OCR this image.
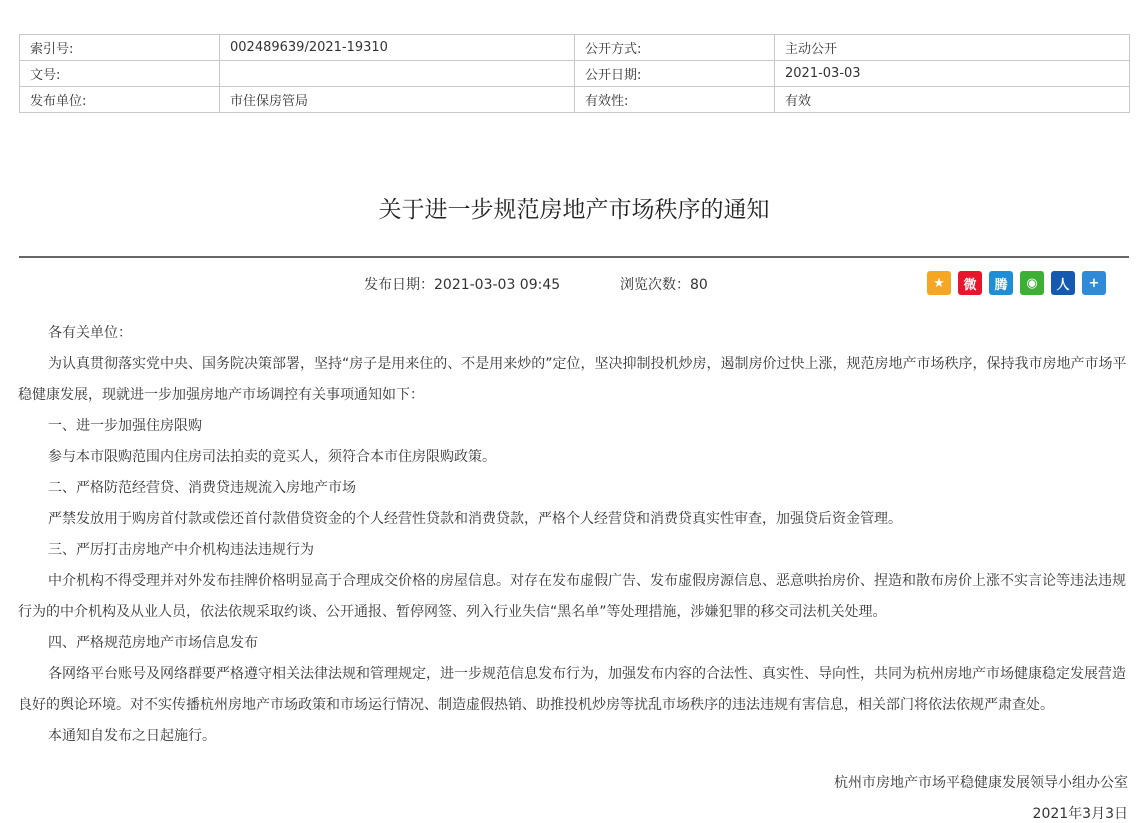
索引号:	002489639/2021-19310	公开方式:	主动公开
文号:		公开日期:	2021-03-03
发布单位:	市住保房管局	有效性:	有效
关于进一步规范房地产市场秩序的通知
发布日期：2021-03-03 09:45	浏览次数：80	★	微	腾	◉	人	+

各有关单位：

为认真贯彻落实党中央、国务院决策部署，坚持“房子是用来住的、不是用来炒的”定位，坚决抑制投机炒房，遏制房价过快上涨，规范房地产市场秩序，保持我市房地产市场平稳健康发展，现就进一步加强房地产市场调控有关事项通知如下：

一、进一步加强住房限购

参与本市限购范围内住房司法拍卖的竞买人，须符合本市住房限购政策。

二、严格防范经营贷、消费贷违规流入房地产市场

严禁发放用于购房首付款或偿还首付款借贷资金的个人经营性贷款和消费贷款，严格个人经营贷和消费贷真实性审查，加强贷后资金管理。

三、严厉打击房地产中介机构违法违规行为

中介机构不得受理并对外发布挂牌价格明显高于合理成交价格的房屋信息。对存在发布虚假广告、发布虚假房源信息、恶意哄抬房价、捏造和散布房价上涨不实言论等违法违规行为的中介机构及从业人员，依法依规采取约谈、公开通报、暂停网签、列入行业失信“黑名单”等处理措施，涉嫌犯罪的移交司法机关处理。

四、严格规范房地产市场信息发布

各网络平台账号及网络群要严格遵守相关法律法规和管理规定，进一步规范信息发布行为，加强发布内容的合法性、真实性、导向性，共同为杭州房地产市场健康稳定发展营造良好的舆论环境。对不实传播杭州房地产市场政策和市场运行情况、制造虚假热销、助推投机炒房等扰乱市场秩序的违法违规有害信息，相关部门将依法依规严肃查处。

本通知自发布之日起施行。

杭州市房地产市场平稳健康发展领导小组办公室
2021年3月3日
